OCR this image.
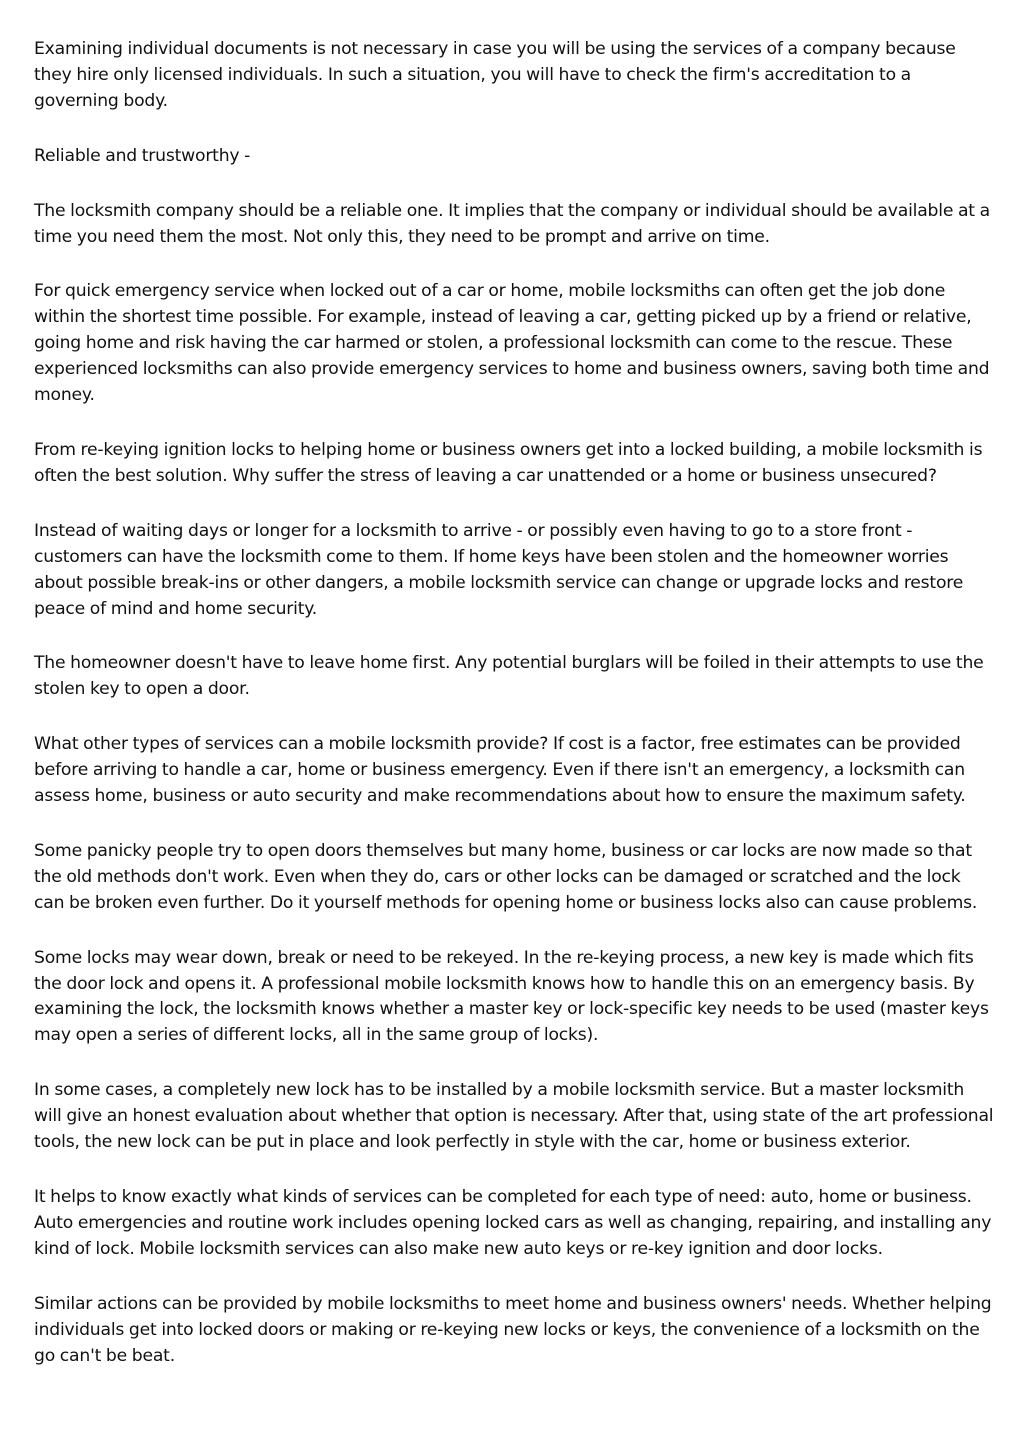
Examining individual documents is not necessary in case you will be using the services of a company because they hire only licensed individuals. In such a situation, you will have to check the firm's accreditation to a governing body.

Reliable and trustworthy -

The locksmith company should be a reliable one. It implies that the company or individual should be available at a time you need them the most. Not only this, they need to be prompt and arrive on time.

For quick emergency service when locked out of a car or home, mobile locksmiths can often get the job done within the shortest time possible. For example, instead of leaving a car, getting picked up by a friend or relative, going home and risk having the car harmed or stolen, a professional locksmith can come to the rescue. These experienced locksmiths can also provide emergency services to home and business owners, saving both time and money.

From re-keying ignition locks to helping home or business owners get into a locked building, a mobile locksmith is often the best solution. Why suffer the stress of leaving a car unattended or a home or business unsecured?

Instead of waiting days or longer for a locksmith to arrive - or possibly even having to go to a store front - customers can have the locksmith come to them. If home keys have been stolen and the homeowner worries about possible break-ins or other dangers, a mobile locksmith service can change or upgrade locks and restore peace of mind and home security.

The homeowner doesn't have to leave home first. Any potential burglars will be foiled in their attempts to use the stolen key to open a door.

What other types of services can a mobile locksmith provide? If cost is a factor, free estimates can be provided before arriving to handle a car, home or business emergency. Even if there isn't an emergency, a locksmith can assess home, business or auto security and make recommendations about how to ensure the maximum safety.

Some panicky people try to open doors themselves but many home, business or car locks are now made so that the old methods don't work. Even when they do, cars or other locks can be damaged or scratched and the lock can be broken even further. Do it yourself methods for opening home or business locks also can cause problems.

Some locks may wear down, break or need to be rekeyed. In the re-keying process, a new key is made which fits the door lock and opens it. A professional mobile locksmith knows how to handle this on an emergency basis. By examining the lock, the locksmith knows whether a master key or lock-specific key needs to be used (master keys may open a series of different locks, all in the same group of locks).

In some cases, a completely new lock has to be installed by a mobile locksmith service. But a master locksmith will give an honest evaluation about whether that option is necessary. After that, using state of the art professional tools, the new lock can be put in place and look perfectly in style with the car, home or business exterior.

It helps to know exactly what kinds of services can be completed for each type of need: auto, home or business. Auto emergencies and routine work includes opening locked cars as well as changing, repairing, and installing any kind of lock. Mobile locksmith services can also make new auto keys or re-key ignition and door locks.

Similar actions can be provided by mobile locksmiths to meet home and business owners' needs. Whether helping individuals get into locked doors or making or re-keying new locks or keys, the convenience of a locksmith on the go can't be beat.
